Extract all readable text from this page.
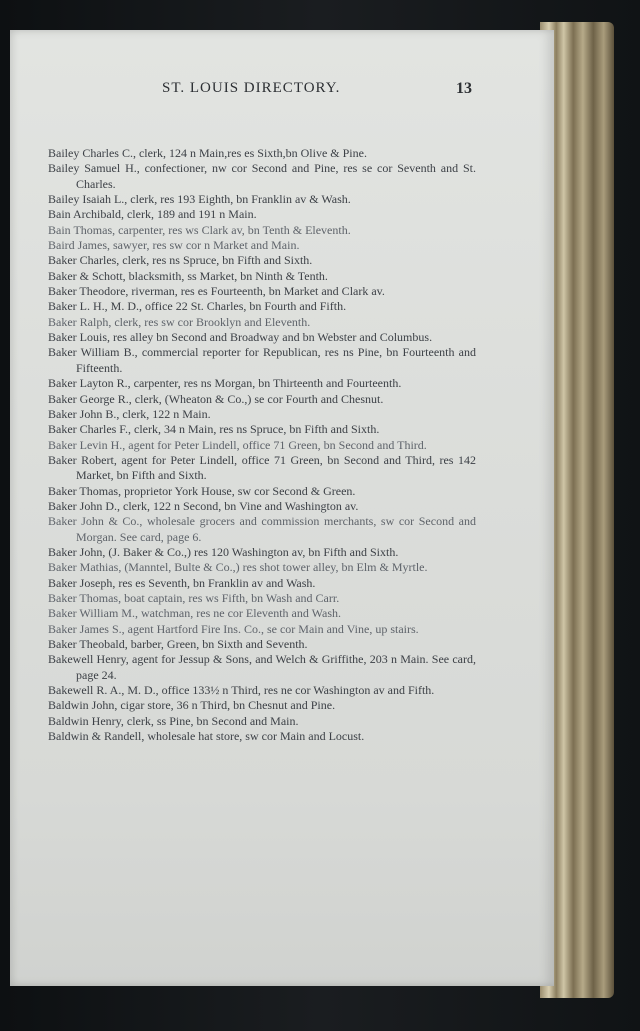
ST. LOUIS DIRECTORY.	13

Bailey Charles C., clerk, 124 n Main,res es Sixth,bn Olive & Pine.

Bailey Samuel H., confectioner, nw cor Second and Pine, res se cor Seventh and St. Charles.

Bailey Isaiah L., clerk, res 193 Eighth, bn Franklin av & Wash.

Bain Archibald, clerk, 189 and 191 n Main.

Bain Thomas, carpenter, res ws Clark av, bn Tenth & Eleventh.

Baird James, sawyer, res sw cor n Market and Main.

Baker Charles, clerk, res ns Spruce, bn Fifth and Sixth.

Baker & Schott, blacksmith, ss Market, bn Ninth & Tenth.

Baker Theodore, riverman, res es Fourteenth, bn Market and Clark av.

Baker L. H., M. D., office 22 St. Charles, bn Fourth and Fifth.

Baker Ralph, clerk, res sw cor Brooklyn and Eleventh.

Baker Louis, res alley bn Second and Broadway and bn Webster and Columbus.

Baker William B., commercial reporter for Republican, res ns Pine, bn Fourteenth and Fifteenth.

Baker Layton R., carpenter, res ns Morgan, bn Thirteenth and Fourteenth.

Baker George R., clerk, (Wheaton & Co.,) se cor Fourth and Chesnut.

Baker John B., clerk, 122 n Main.

Baker Charles F., clerk, 34 n Main, res ns Spruce, bn Fifth and Sixth.

Baker Levin H., agent for Peter Lindell, office 71 Green, bn Second and Third.

Baker Robert, agent for Peter Lindell, office 71 Green, bn Second and Third, res 142 Market, bn Fifth and Sixth.

Baker Thomas, proprietor York House, sw cor Second & Green.

Baker John D., clerk, 122 n Second, bn Vine and Washington av.

Baker John & Co., wholesale grocers and commission merchants, sw cor Second and Morgan. See card, page 6.

Baker John, (J. Baker & Co.,) res 120 Washington av, bn Fifth and Sixth.

Baker Mathias, (Manntel, Bulte & Co.,) res shot tower alley, bn Elm & Myrtle.

Baker Joseph, res es Seventh, bn Franklin av and Wash.

Baker Thomas, boat captain, res ws Fifth, bn Wash and Carr.

Baker William M., watchman, res ne cor Eleventh and Wash.

Baker James S., agent Hartford Fire Ins. Co., se cor Main and Vine, up stairs.

Baker Theobald, barber, Green, bn Sixth and Seventh.

Bakewell Henry, agent for Jessup & Sons, and Welch & Griffithe, 203 n Main. See card, page 24.

Bakewell R. A., M. D., office 133½ n Third, res ne cor Washington av and Fifth.

Baldwin John, cigar store, 36 n Third, bn Chesnut and Pine.

Baldwin Henry, clerk, ss Pine, bn Second and Main.

Baldwin & Randell, wholesale hat store, sw cor Main and Locust.
